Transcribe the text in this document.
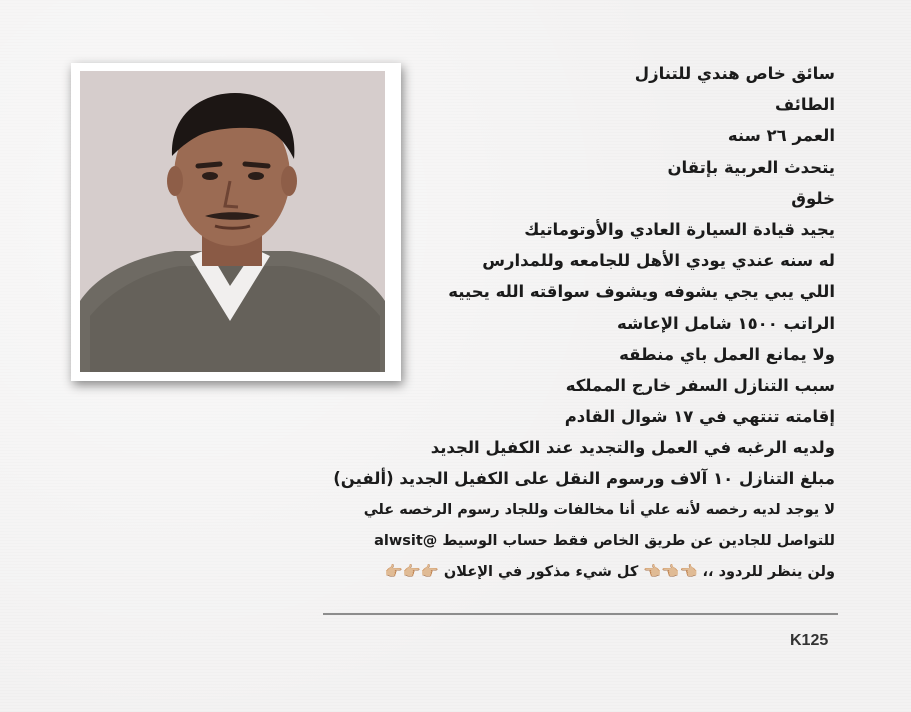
سائق خاص هندي للتنازل
الطائف
العمر ٢٦ سنه
يتحدث العربية بإتقان
خلوق
يجيد قيادة السيارة العادي والأوتوماتيك
له سنه عندي يودي الأهل للجامعه وللمدارس
اللي يبي يجي يشوفه ويشوف سواقته الله يحييه
الراتب ١٥٠٠ شامل الإعاشه
ولا يمانع العمل باي منطقه
سبب التنازل السفر خارج المملكه
إقامته تنتهي في ١٧ شوال القادم
ولديه الرغبه في العمل والتجديد عند الكفيل الجديد
مبلغ التنازل ١٠ آلاف ورسوم النقل على الكفيل الجديد (ألفين)
لا يوجد لديه رخصه لأنه علي أنا مخالفات وللجاد رسوم الرخصه علي
للتواصل للجادين عن طريق الخاص فقط حساب الوسيط @alwsit
ولن ينظر للردود ،، 👈🏼👈🏼👈🏼 كل شيء مذكور في الإعلان 👉🏼👉🏼👉🏼
K125
